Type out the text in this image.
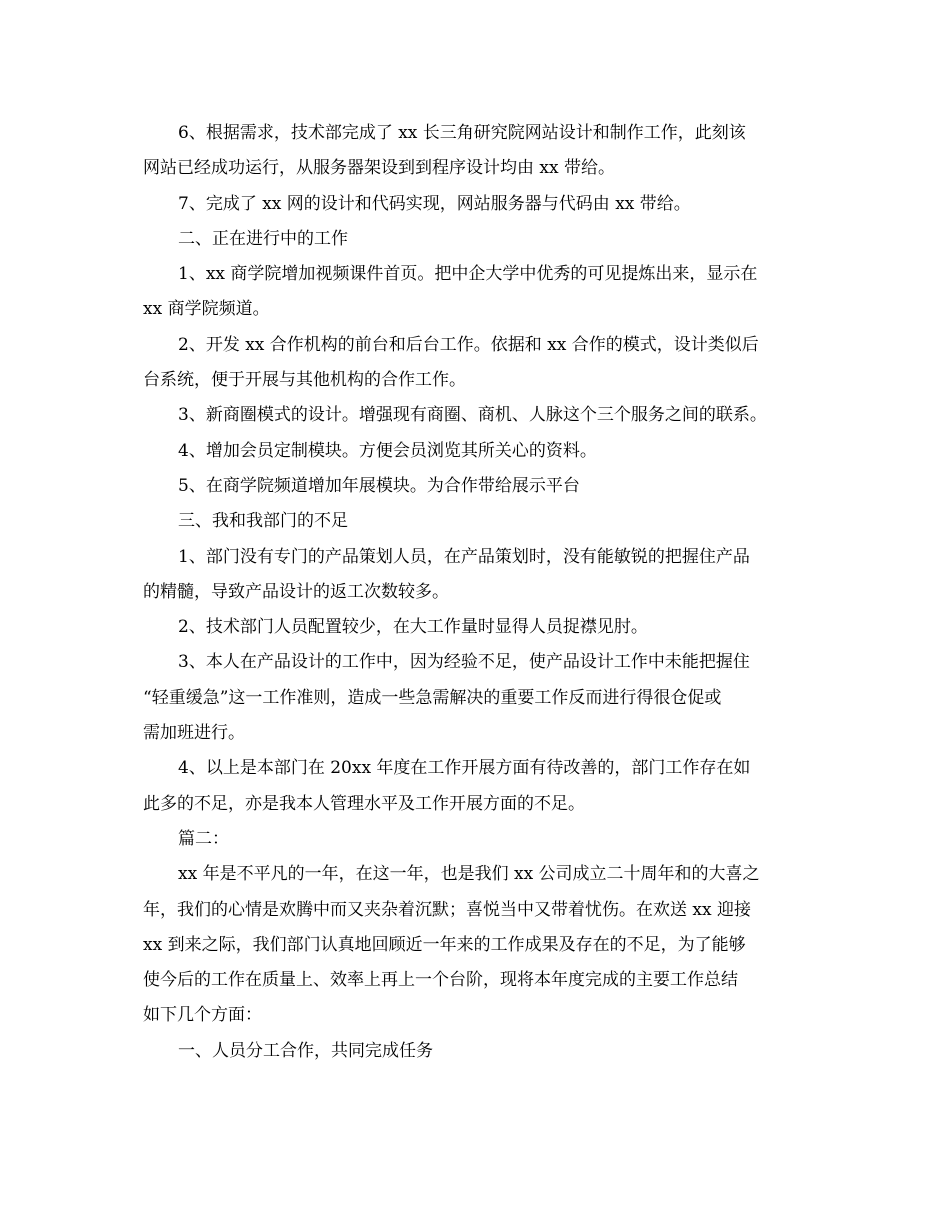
6、根据需求，技术部完成了 xx 长三角研究院网站设计和制作工作，此刻该
网站已经成功运行，从服务器架设到到程序设计均由 xx 带给。
7、完成了 xx 网的设计和代码实现，网站服务器与代码由 xx 带给。
二、正在进行中的工作
1、xx 商学院增加视频课件首页。把中企大学中优秀的可见提炼出来，显示在
xx 商学院频道。
2、开发 xx 合作机构的前台和后台工作。依据和 xx 合作的模式，设计类似后
台系统，便于开展与其他机构的合作工作。
3、新商圈模式的设计。增强现有商圈、商机、人脉这个三个服务之间的联系。
4、增加会员定制模块。方便会员浏览其所关心的资料。
5、在商学院频道增加年展模块。为合作带给展示平台
三、我和我部门的不足
1、部门没有专门的产品策划人员，在产品策划时，没有能敏锐的把握住产品
的精髓，导致产品设计的返工次数较多。
2、技术部门人员配置较少，在大工作量时显得人员捉襟见肘。
3、本人在产品设计的工作中，因为经验不足，使产品设计工作中未能把握住
“轻重缓急”这一工作准则，造成一些急需解决的重要工作反而进行得很仓促或
需加班进行。
4、以上是本部门在 20xx 年度在工作开展方面有待改善的，部门工作存在如
此多的不足，亦是我本人管理水平及工作开展方面的不足。
篇二：
xx 年是不平凡的一年，在这一年，也是我们 xx 公司成立二十周年和的大喜之
年，我们的心情是欢腾中而又夹杂着沉默；喜悦当中又带着忧伤。在欢送 xx 迎接
xx 到来之际，我们部门认真地回顾近一年来的工作成果及存在的不足，为了能够
使今后的工作在质量上、效率上再上一个台阶，现将本年度完成的主要工作总结
如下几个方面：
一、人员分工合作，共同完成任务
